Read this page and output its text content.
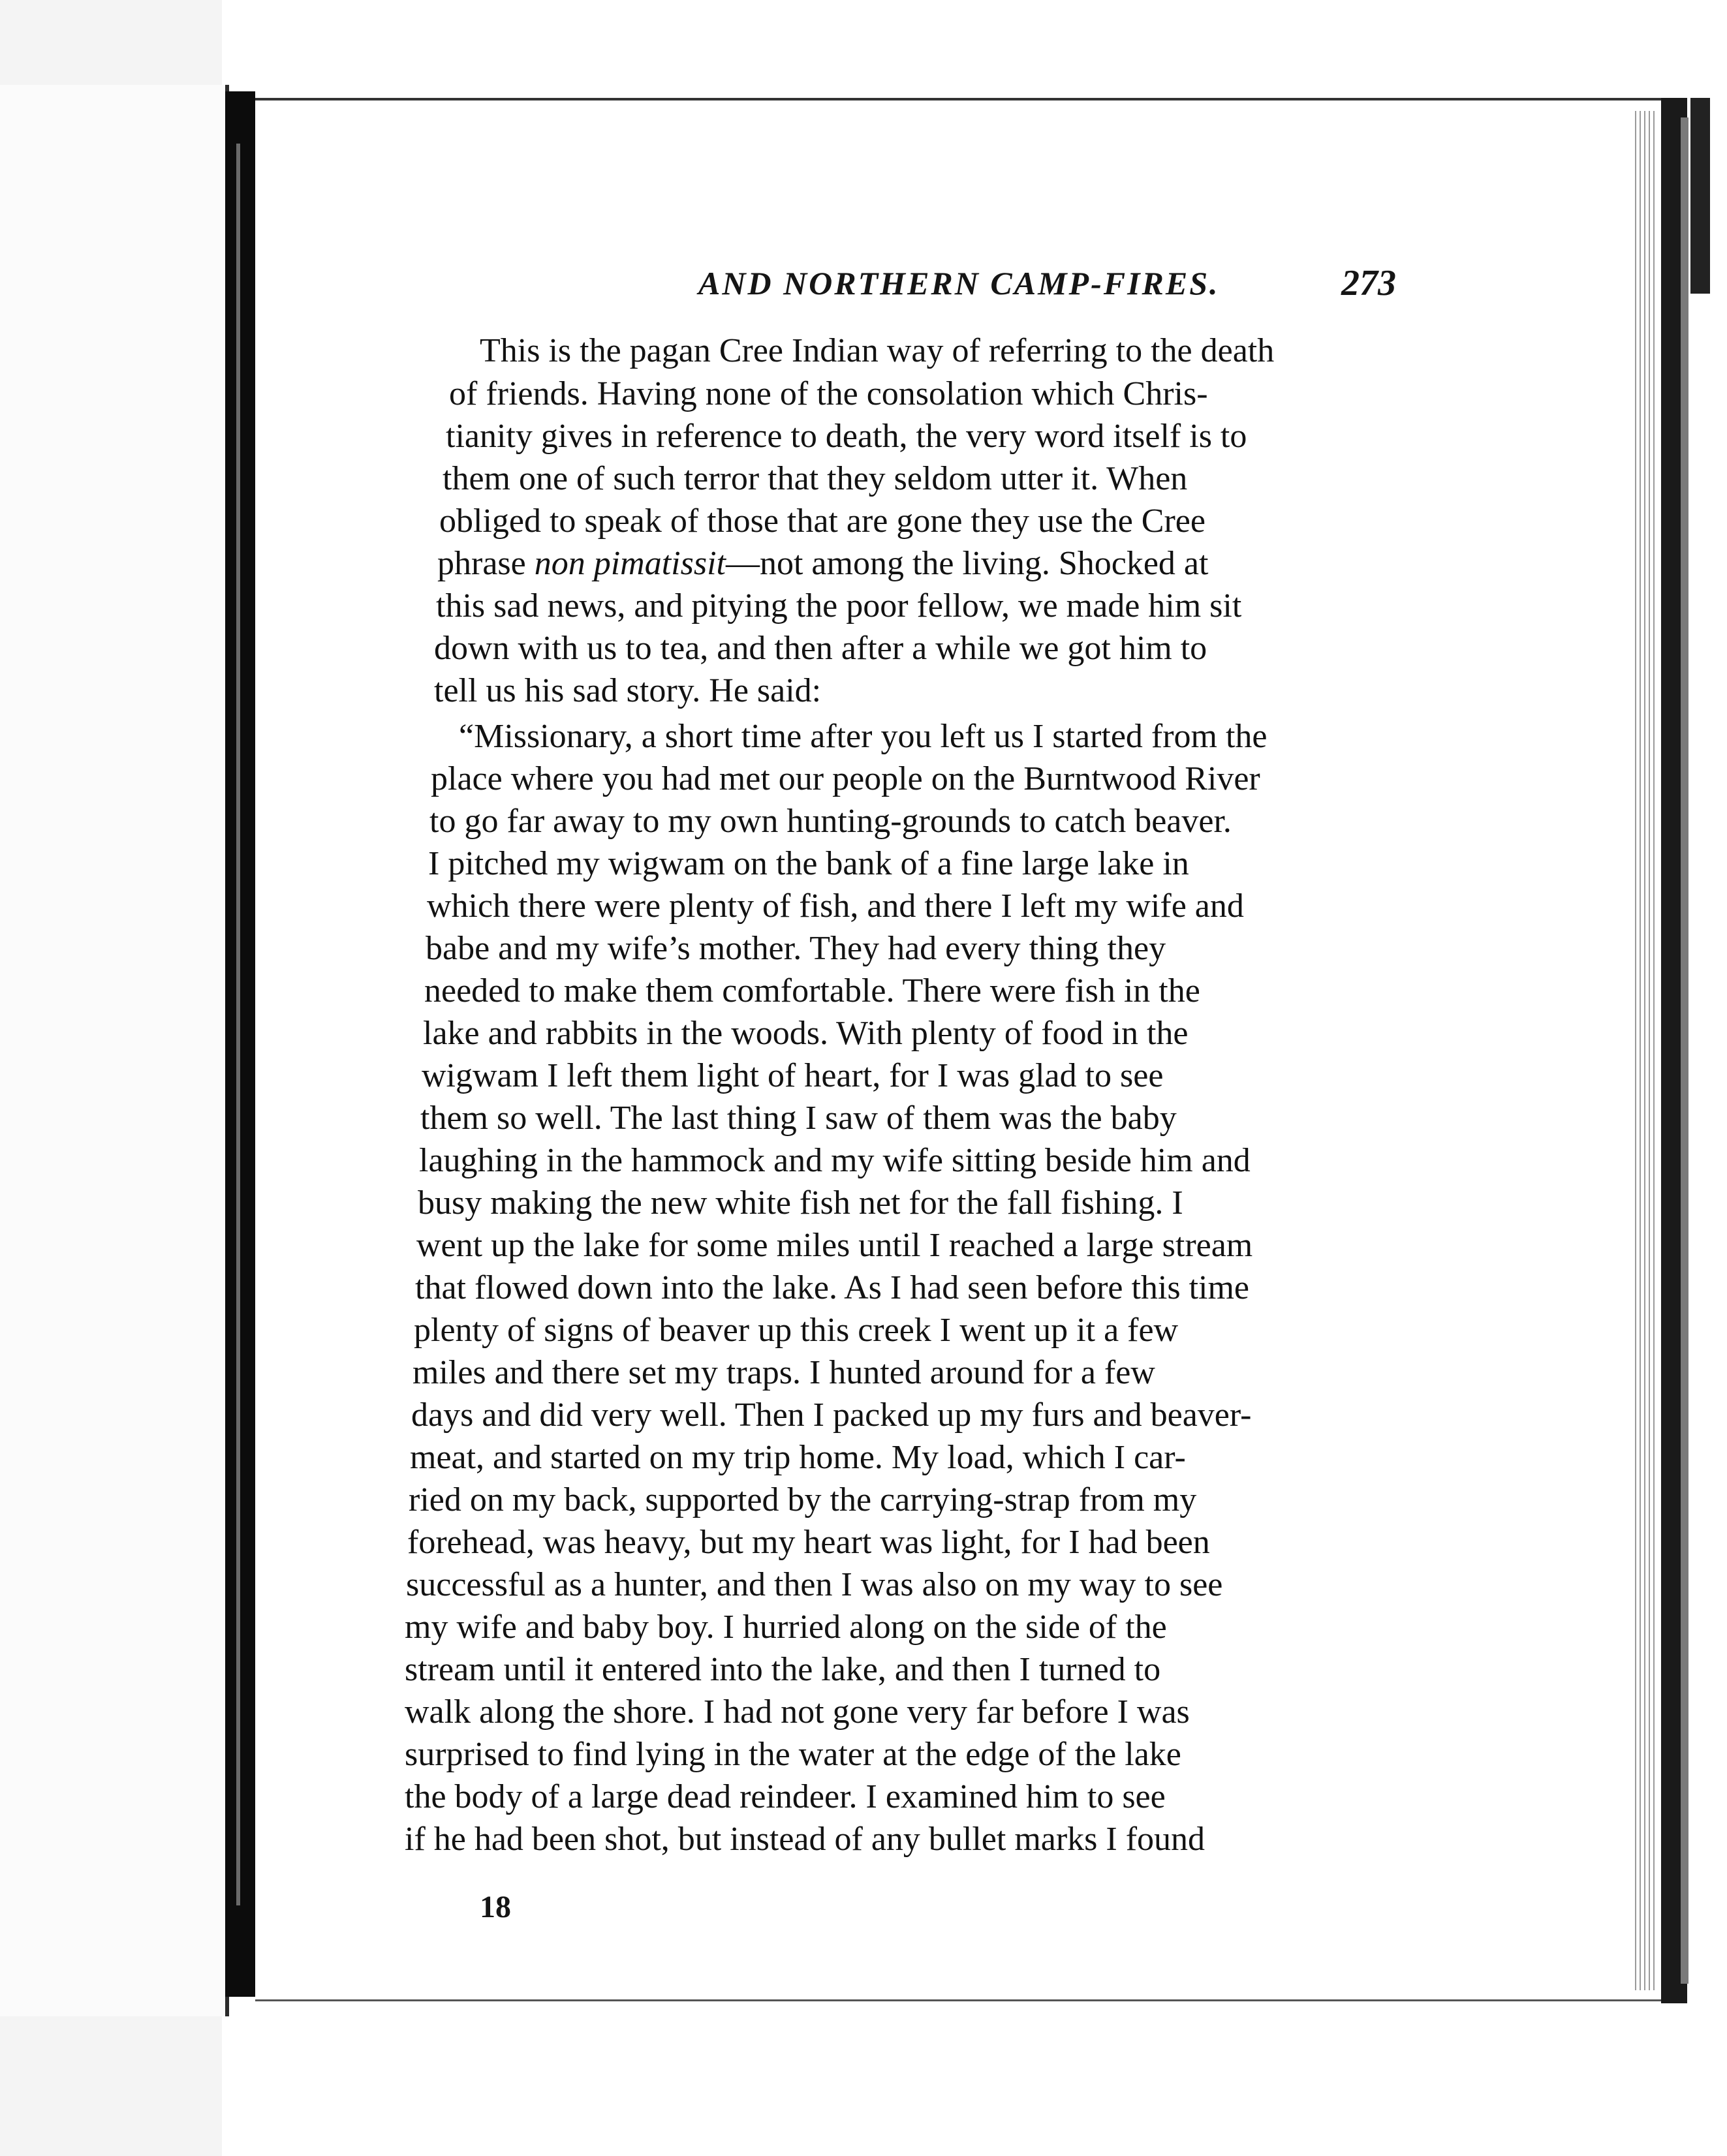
AND NORTHERN CAMP-FIRES.	273
This is the pagan Cree Indian way of referring to the death
of friends. Having none of the consolation which Chris-
tianity gives in reference to death, the very word itself is to
them one of such terror that they seldom utter it. When
obliged to speak of those that are gone they use the Cree
phrase non pimatissit—not among the living. Shocked at
this sad news, and pitying the poor fellow, we made him sit
down with us to tea, and then after a while we got him to
tell us his sad story. He said:
“Missionary, a short time after you left us I started from the
place where you had met our people on the Burntwood River
to go far away to my own hunting-grounds to catch beaver.
I pitched my wigwam on the bank of a fine large lake in
which there were plenty of fish, and there I left my wife and
babe and my wife’s mother. They had every thing they
needed to make them comfortable. There were fish in the
lake and rabbits in the woods. With plenty of food in the
wigwam I left them light of heart, for I was glad to see
them so well. The last thing I saw of them was the baby
laughing in the hammock and my wife sitting beside him and
busy making the new white fish net for the fall fishing. I
went up the lake for some miles until I reached a large stream
that flowed down into the lake. As I had seen before this time
plenty of signs of beaver up this creek I went up it a few
miles and there set my traps. I hunted around for a few
days and did very well. Then I packed up my furs and beaver-
meat, and started on my trip home. My load, which I car-
ried on my back, supported by the carrying-strap from my
forehead, was heavy, but my heart was light, for I had been
successful as a hunter, and then I was also on my way to see
my wife and baby boy. I hurried along on the side of the
stream until it entered into the lake, and then I turned to
walk along the shore. I had not gone very far before I was
surprised to find lying in the water at the edge of the lake
the body of a large dead reindeer. I examined him to see
if he had been shot, but instead of any bullet marks I found
18
